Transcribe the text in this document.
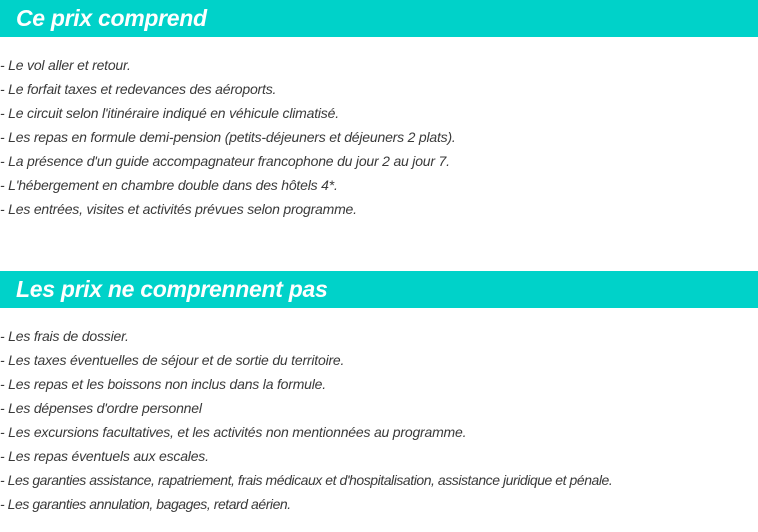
Ce prix comprend
- Le vol aller et retour.
- Le forfait taxes et redevances des aéroports.
- Le circuit selon l'itinéraire indiqué en véhicule climatisé.
- Les repas en formule demi-pension (petits-déjeuners et déjeuners 2 plats).
- La présence d'un guide accompagnateur francophone du jour 2 au jour 7.
- L'hébergement en chambre double dans des hôtels 4*.
- Les entrées, visites et activités prévues selon programme.
Les prix ne comprennent pas
- Les frais de dossier.
- Les taxes éventuelles de séjour et de sortie du territoire.
- Les repas et les boissons non inclus dans la formule.
- Les dépenses d'ordre personnel
- Les excursions facultatives, et les activités non mentionnées au programme.
- Les repas éventuels aux escales.
- Les garanties assistance, rapatriement, frais médicaux et d'hospitalisation, assistance juridique et pénale.
- Les garanties annulation, bagages, retard aérien.
